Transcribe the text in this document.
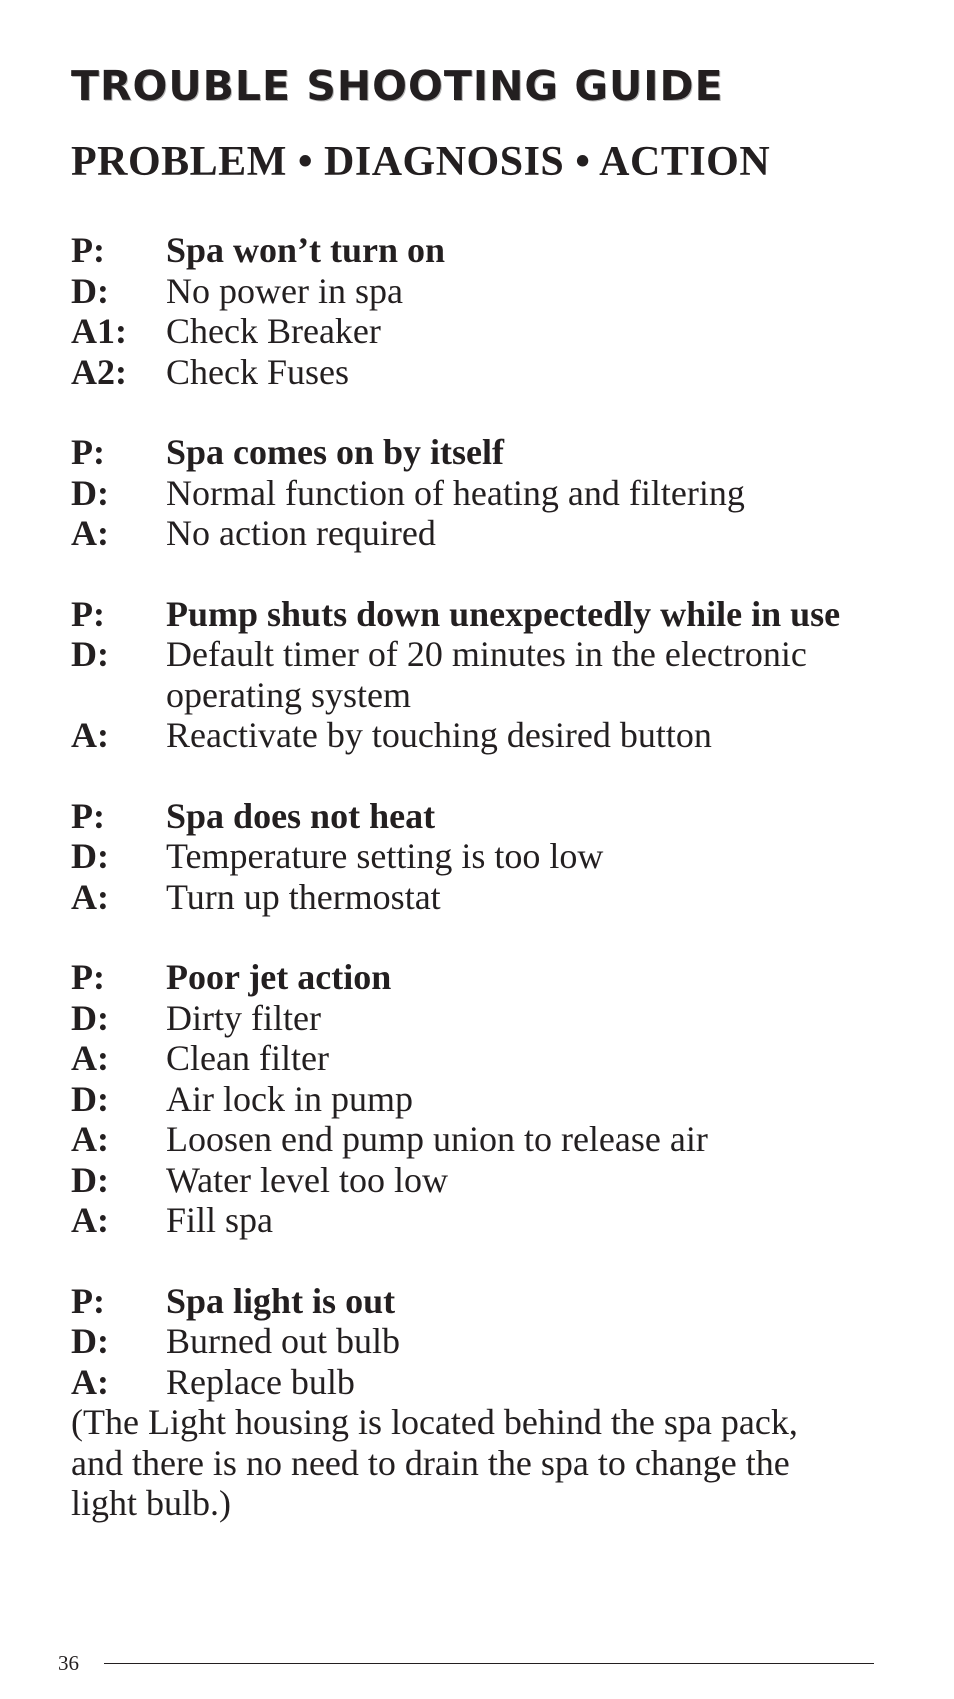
TROUBLE SHOOTING GUIDE
PROBLEM • DIAGNOSIS • ACTION
P:	Spa won’t turn on
D:	No power in spa
A1:	Check Breaker
A2:	Check Fuses
P:	Spa comes on by itself
D:	Normal function of heating and filtering
A:	No action required
P:	Pump shuts down unexpectedly while in use
D:	Default timer of 20 minutes in the electronic operating system
A:	Reactivate by touching desired button
P:	Spa does not heat
D:	Temperature setting is too low
A:	Turn up thermostat
P:	Poor jet action
D:	Dirty filter
A:	Clean filter
D:	Air lock in pump
A:	Loosen end pump union to release air
D:	Water level too low
A:	Fill spa
P:	Spa light is out
D:	Burned out bulb
A:	Replace bulb
(The Light housing is located behind the spa pack, and there is no need to drain the spa to change the light bulb.)
36
